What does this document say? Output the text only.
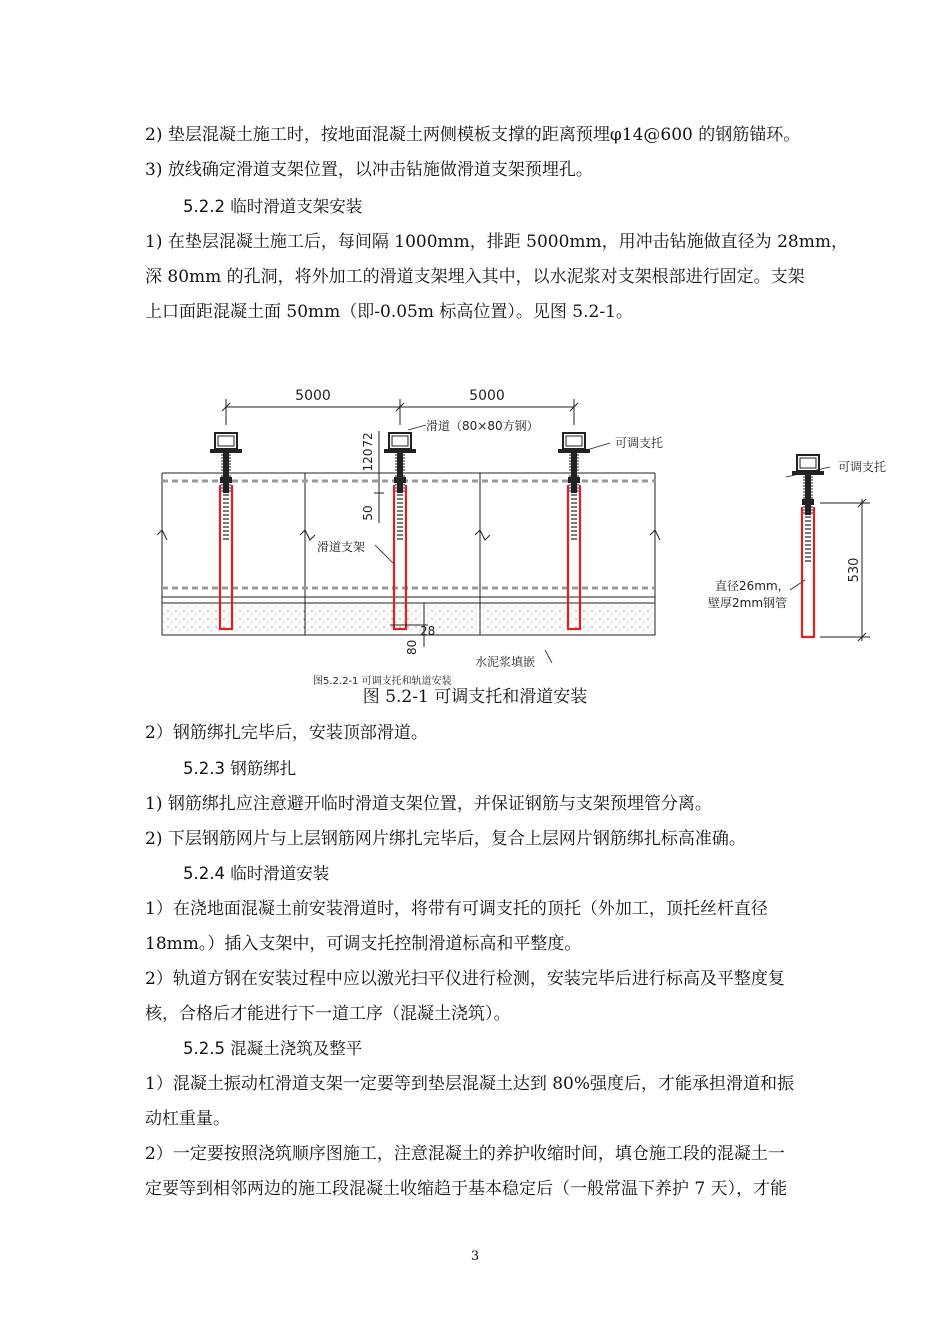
2) 垫层混凝土施工时，按地面混凝土两侧模板支撑的距离预埋φ14@600 的钢筋锚环。
3) 放线确定滑道支架位置，以冲击钻施做滑道支架预埋孔。
5.2.2 临时滑道支架安装
1) 在垫层混凝土施工后，每间隔 1000mm，排距 5000mm，用冲击钻施做直径为 28mm，
深 80mm 的孔洞，将外加工的滑道支架埋入其中，以水泥浆对支架根部进行固定。支架
上口面距混凝土面 50mm（即-0.05m 标高位置）。见图 5.2-1。
5000	5000
120
72
50
28
80
滑道（80×80方钢）
可调支托
滑道支架
水泥浆填嵌
可调支托
直径26mm，
壁厚2mm钢管
图5.2.2-1 可调支托和轨道安装
530
图 5.2-1 可调支托和滑道安装
2）钢筋绑扎完毕后，安装顶部滑道。
5.2.3 钢筋绑扎
1) 钢筋绑扎应注意避开临时滑道支架位置，并保证钢筋与支架预埋管分离。
2) 下层钢筋网片与上层钢筋网片绑扎完毕后，复合上层网片钢筋绑扎标高准确。
5.2.4 临时滑道安装
1）在浇地面混凝土前安装滑道时，将带有可调支托的顶托（外加工，顶托丝杆直径
18mm。）插入支架中，可调支托控制滑道标高和平整度。
2）轨道方钢在安装过程中应以激光扫平仪进行检测，安装完毕后进行标高及平整度复
核，合格后才能进行下一道工序（混凝土浇筑）。
5.2.5 混凝土浇筑及整平
1）混凝土振动杠滑道支架一定要等到垫层混凝土达到 80%强度后，才能承担滑道和振
动杠重量。
2）一定要按照浇筑顺序图施工，注意混凝土的养护收缩时间，填仓施工段的混凝土一
定要等到相邻两边的施工段混凝土收缩趋于基本稳定后（一般常温下养护 7 天），才能
3
